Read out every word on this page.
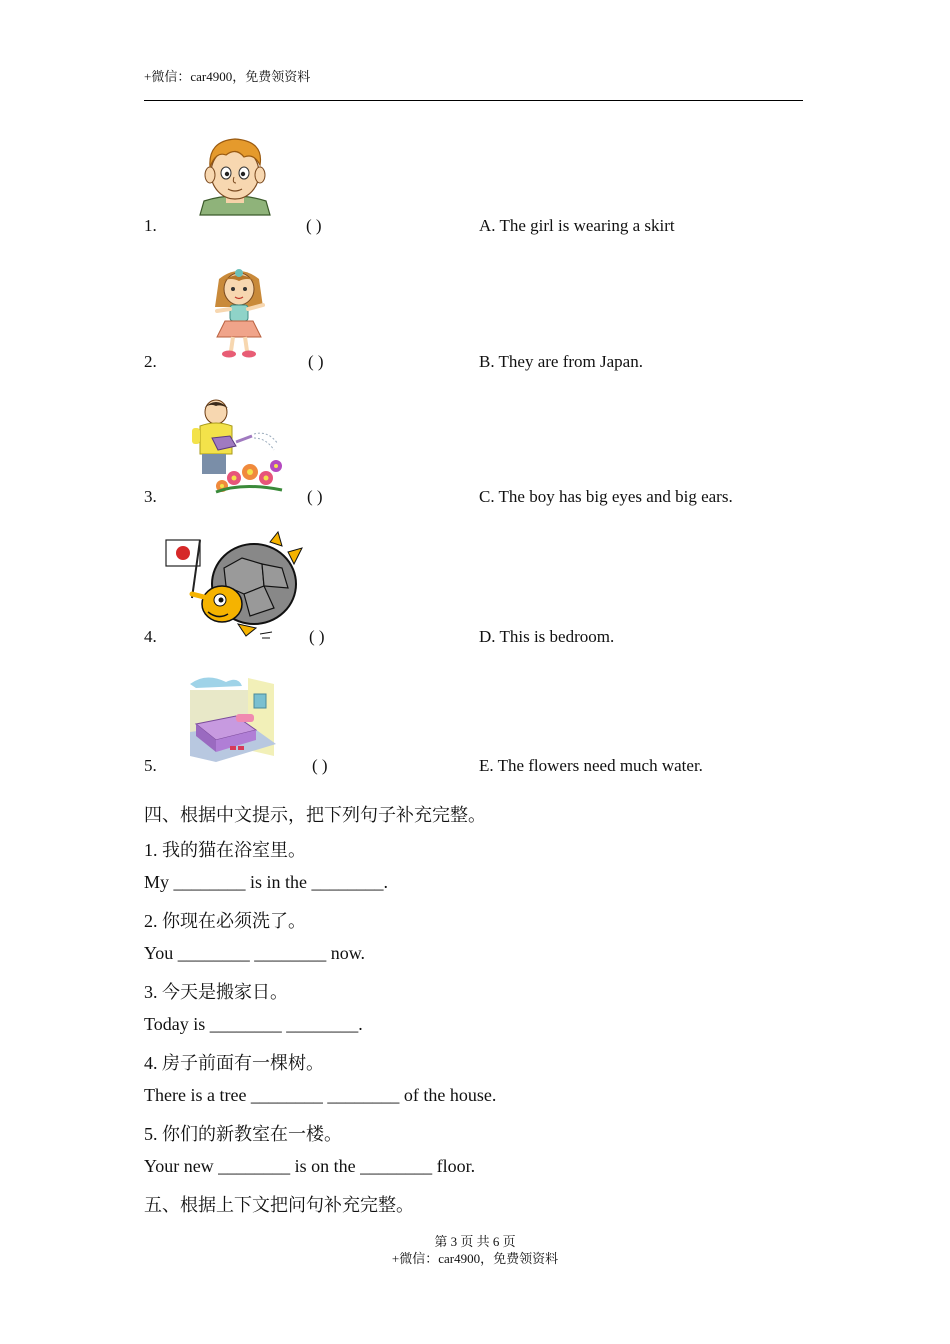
+微信：car4900，免费领资料
1.	( )	A. The girl is wearing a skirt
2.	( )	B. They are from Japan.
3.	( )	C. The boy has big eyes and big ears.
4.	( )	D. This is bedroom.
5.	( )	E. The flowers need much water.
四、根据中文提示，把下列句子补充完整。
1. 我的猫在浴室里。
My ________ is in the ________.
2. 你现在必须洗了。
You ________ ________ now.
3. 今天是搬家日。
Today is ________ ________.
4. 房子前面有一棵树。
There is a tree ________ ________ of the house.
5. 你们的新教室在一楼。
Your new ________ is on the ________ floor.
五、根据上下文把问句补充完整。
第 3 页 共 6 页
+微信：car4900，免费领资料
